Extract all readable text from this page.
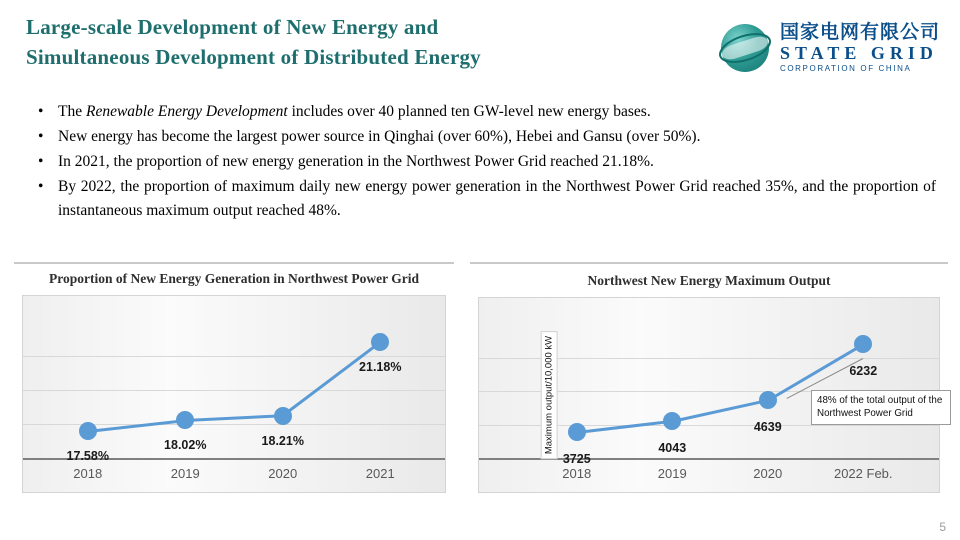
Large-scale Development of New Energy and
Simultaneous Development of Distributed Energy
国家电网有限公司
STATE GRID
CORPORATION OF CHINA
• The Renewable Energy Development includes over 40 planned ten GW-level new energy bases.
• New energy has become the largest power source in Qinghai (over 60%), Hebei and Gansu (over 50%).
• In 2021, the proportion of new energy generation in the Northwest Power Grid reached 21.18%.
• By 2022, the proportion of maximum daily new energy power generation in the Northwest Power Grid reached 35%, and the proportion of instantaneous maximum output reached 48%.
Proportion of New Energy Generation in Northwest Power Grid
17.58%
2018
18.02%
2019
18.21%
2020
21.18%
2021
Northwest New Energy Maximum Output
3725
2018
4043
2019
4639
2020
6232
2022 Feb.
Maximum output/10,000 kW	48% of the total output of the Northwest Power Grid
5
